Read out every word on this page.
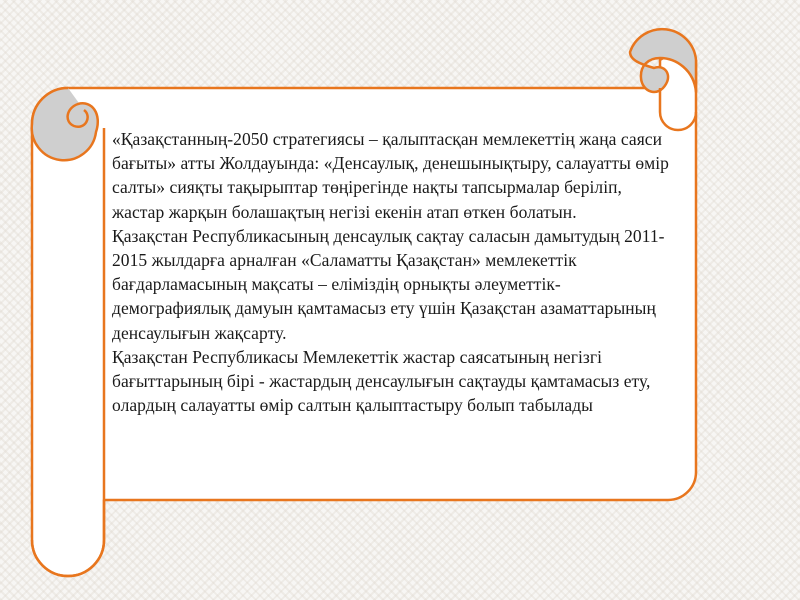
«Қазақстанның-2050 стратегиясы – қалыптасқан мемлекеттің жаңа саяси бағыты» атты Жолдауында: «Денсаулық, денешынықтыру, салауатты өмір салты» сияқты тақырыптар төңірегінде нақты тапсырмалар беріліп, жастар жарқын болашақтың негізі екенін атап өткен болатын.

Қазақстан Республикасының денсаулық сақтау саласын дамытудың 2011-2015 жылдарға арналған «Саламатты Қазақстан» мемлекеттік бағдарламасының мақсаты – еліміздің орнықты әлеуметтік-демографиялық дамуын қамтамасыз ету үшін Қазақстан азаматтарының денсаулығын жақсарту.

Қазақстан Республикасы Мемлекеттік жастар саясатының негізгі бағыттарының бірі - жастардың денсаулығын сақтауды қамтамасыз ету, олардың салауатты өмір салтын қалыптастыру болып табылады
